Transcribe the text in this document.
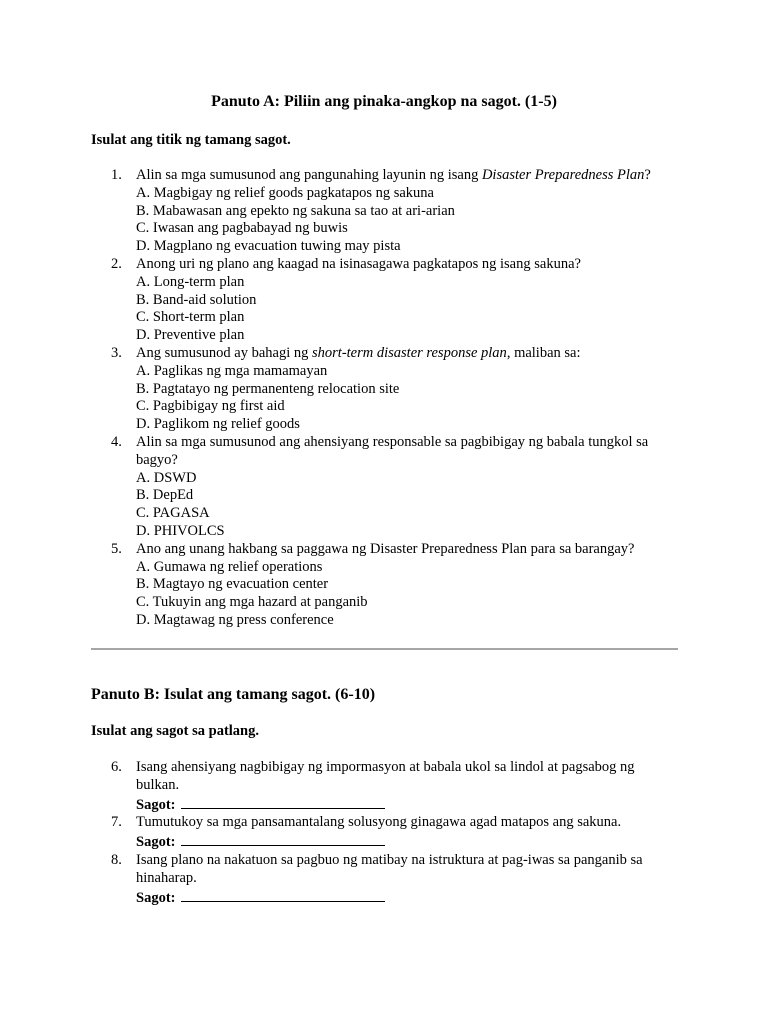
Panuto A: Piliin ang pinaka-angkop na sagot. (1-5)

Isulat ang titik ng tamang sagot.

1. Alin sa mga sumusunod ang pangunahing layunin ng isang Disaster Preparedness Plan?
A. Magbigay ng relief goods pagkatapos ng sakuna
B. Mabawasan ang epekto ng sakuna sa tao at ari-arian
C. Iwasan ang pagbabayad ng buwis
D. Magplano ng evacuation tuwing may pista
2. Anong uri ng plano ang kaagad na isinasagawa pagkatapos ng isang sakuna?
A. Long-term plan
B. Band-aid solution
C. Short-term plan
D. Preventive plan
3. Ang sumusunod ay bahagi ng short-term disaster response plan, maliban sa:
A. Paglikas ng mga mamamayan
B. Pagtatayo ng permanenteng relocation site
C. Pagbibigay ng first aid
D. Paglikom ng relief goods
4. Alin sa mga sumusunod ang ahensiyang responsable sa pagbibigay ng babala tungkol sa bagyo?
A. DSWD
B. DepEd
C. PAGASA
D. PHIVOLCS
5. Ano ang unang hakbang sa paggawa ng Disaster Preparedness Plan para sa barangay?
A. Gumawa ng relief operations
B. Magtayo ng evacuation center
C. Tukuyin ang mga hazard at panganib
D. Magtawag ng press conference
Panuto B: Isulat ang tamang sagot. (6-10)

Isulat ang sagot sa patlang.

6. Isang ahensiyang nagbibigay ng impormasyon at babala ukol sa lindol at pagsabog ng bulkan.
Sagot:
7. Tumutukoy sa mga pansamantalang solusyong ginagawa agad matapos ang sakuna.
Sagot:
8. Isang plano na nakatuon sa pagbuo ng matibay na istruktura at pag-iwas sa panganib sa hinaharap.
Sagot:
